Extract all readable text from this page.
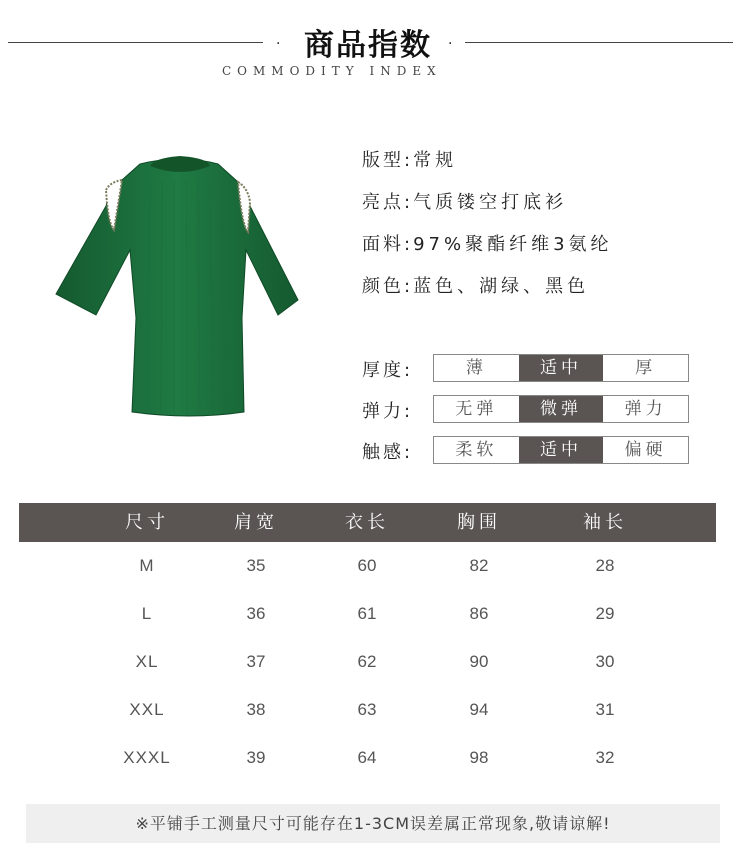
· 商品指数	·
COMMODITY INDEX
版型:常规
亮点:气质镂空打底衫
面料:97%聚酯纤维3氨纶
颜色:蓝色、湖绿、黑色
厚度:	薄	适中	厚
弹力:	无弹	微弹	弹力
触感:	柔软	适中	偏硬
尺寸	肩宽	衣长	胸围	袖长
M	35	60	82	28
L	36	61	86	29
XL	37	62	90	30
XXL	38	63	94	31
XXXL	39	64	98	32
※平铺手工测量尺寸可能存在1-3CM误差属正常现象,敬请谅解!
